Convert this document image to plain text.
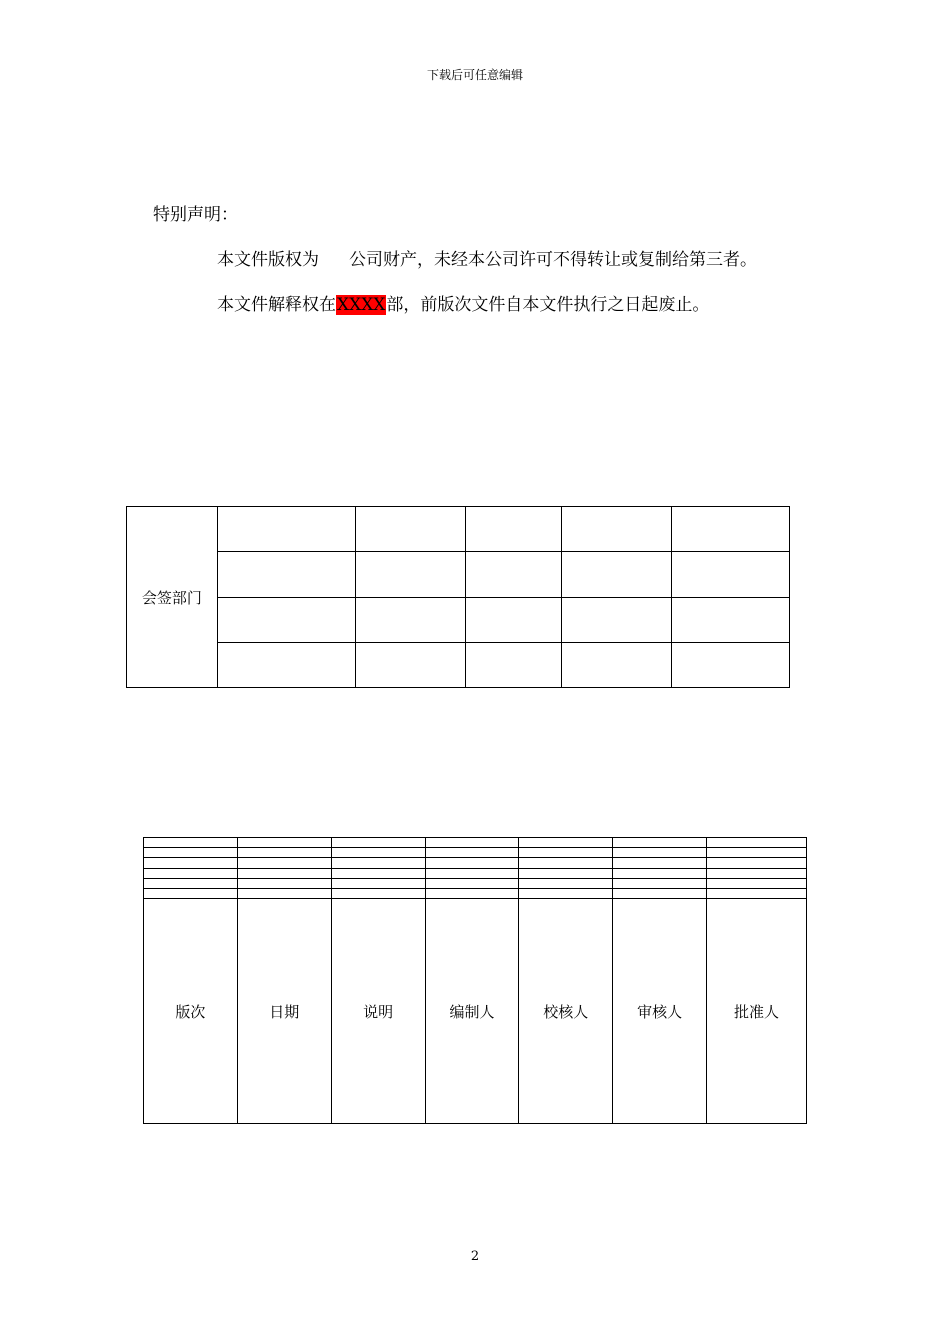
下载后可任意编辑
特别声明：
本文件版权为 公司财产，未经本公司许可不得转让或复制给第三者。
本文件解释权在XXXX部，前版次文件自本文件执行之日起废止。
会签部门					

版次	日期	说明	编制人	校核人	审核人	批准人
2
